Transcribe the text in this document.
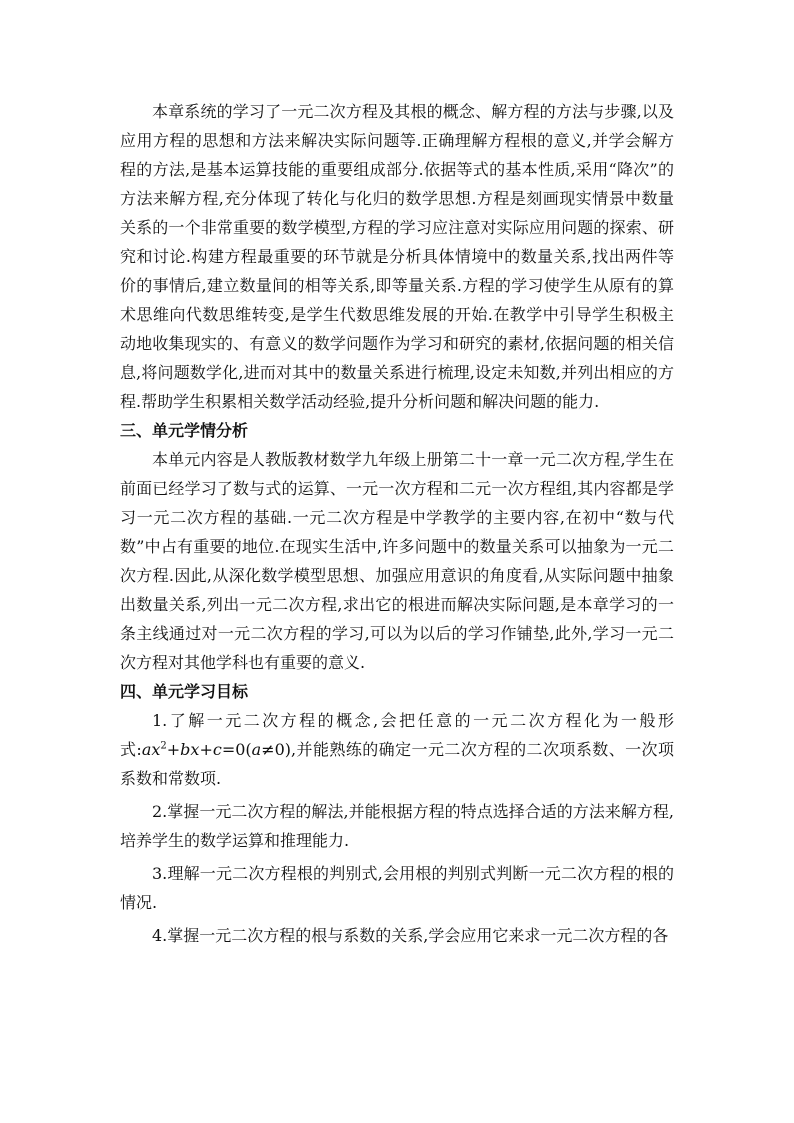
本章系统的学习了一元二次方程及其根的概念、解方程的方法与步骤,以及应用方程的思想和方法来解决实际问题等.正确理解方程根的意义,并学会解方程的方法,是基本运算技能的重要组成部分.依据等式的基本性质,采用“降次”的方法来解方程,充分体现了转化与化归的数学思想.方程是刻画现实情景中数量关系的一个非常重要的数学模型,方程的学习应注意对实际应用问题的探索、研究和讨论.构建方程最重要的环节就是分析具体情境中的数量关系,找出两件等价的事情后,建立数量间的相等关系,即等量关系.方程的学习使学生从原有的算术思维向代数思维转变,是学生代数思维发展的开始.在教学中引导学生积极主动地收集现实的、有意义的数学问题作为学习和研究的素材,依据问题的相关信息,将问题数学化,进而对其中的数量关系进行梳理,设定未知数,并列出相应的方程.帮助学生积累相关数学活动经验,提升分析问题和解决问题的能力.

三、单元学情分析

本单元内容是人教版教材数学九年级上册第二十一章一元二次方程,学生在前面已经学习了数与式的运算、一元一次方程和二元一次方程组,其内容都是学习一元二次方程的基础.一元二次方程是中学教学的主要内容,在初中“数与代数”中占有重要的地位.在现实生活中,许多问题中的数量关系可以抽象为一元二次方程.因此,从深化数学模型思想、加强应用意识的角度看,从实际问题中抽象出数量关系,列出一元二次方程,求出它的根进而解决实际问题,是本章学习的一条主线通过对一元二次方程的学习,可以为以后的学习作铺垫,此外,学习一元二次方程对其他学科也有重要的意义.

四、单元学习目标

1.了解一元二次方程的概念,会把任意的一元二次方程化为一般形式$:ax^2+bx+c=0(a\ne 0)$,并能熟练的确定一元二次方程的二次项系数、一次项系数和常数项.

2.掌握一元二次方程的解法,并能根据方程的特点选择合适的方法来解方程,培养学生的数学运算和推理能力.

3.理解一元二次方程根的判别式,会用根的判别式判断一元二次方程的根的情况.

4.掌握一元二次方程的根与系数的关系,学会应用它来求一元二次方程的各
